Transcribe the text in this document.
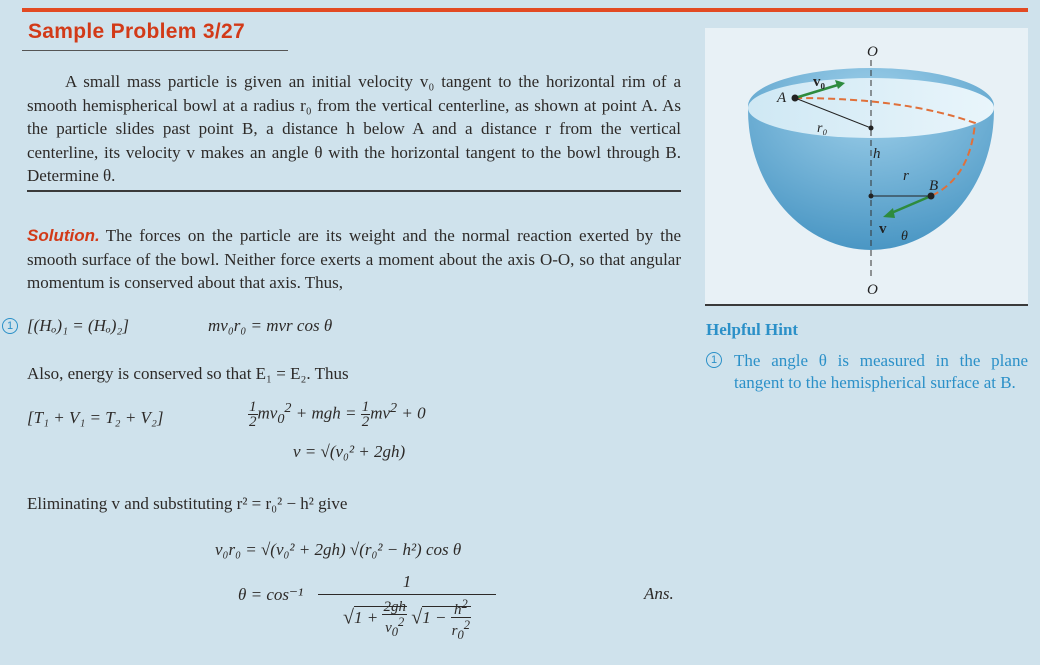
Sample Problem 3/27

A small mass particle is given an initial velocity v₀ tangent to the horizontal rim of a smooth hemispherical bowl at a radius r₀ from the vertical centerline, as shown at point A. As the particle slides past point B, a distance h below A and a distance r from the vertical centerline, its velocity v makes an angle θ with the horizontal tangent to the bowl through B. Determine θ.

Solution. The forces on the particle are its weight and the normal reaction exerted by the smooth surface of the bowl. Neither force exerts a moment about the axis O-O, so that angular momentum is conserved about that axis. Thus,
1 [(Hₒ)₁ = (Hₒ)₂]	mv₀r₀ = mvr cos θ
Also, energy is conserved so that E₁ = E₂. Thus
[T₁ + V₁ = T₂ + V₂]	$\frac{1}{2} mv_0^2$ + mgh = $\frac{1}{2} mv^2 + 0$
v = √(v₀² + 2gh)
Eliminating v and substituting r² = r₀² − h² give
v₀r₀ = √(v₀² + 2gh) √(r₀² − h²) cos θ
θ = cos⁻¹
1
$√1 + \frac{2gh}{v_0^2} √1 - \frac{h^2}{r_0^2}$
Ans.
O
O
A
B
v₀
r₀
h
r
v θ
Helpful Hint
1 The angle θ is measured in the plane tangent to the hemispherical surface at B.
